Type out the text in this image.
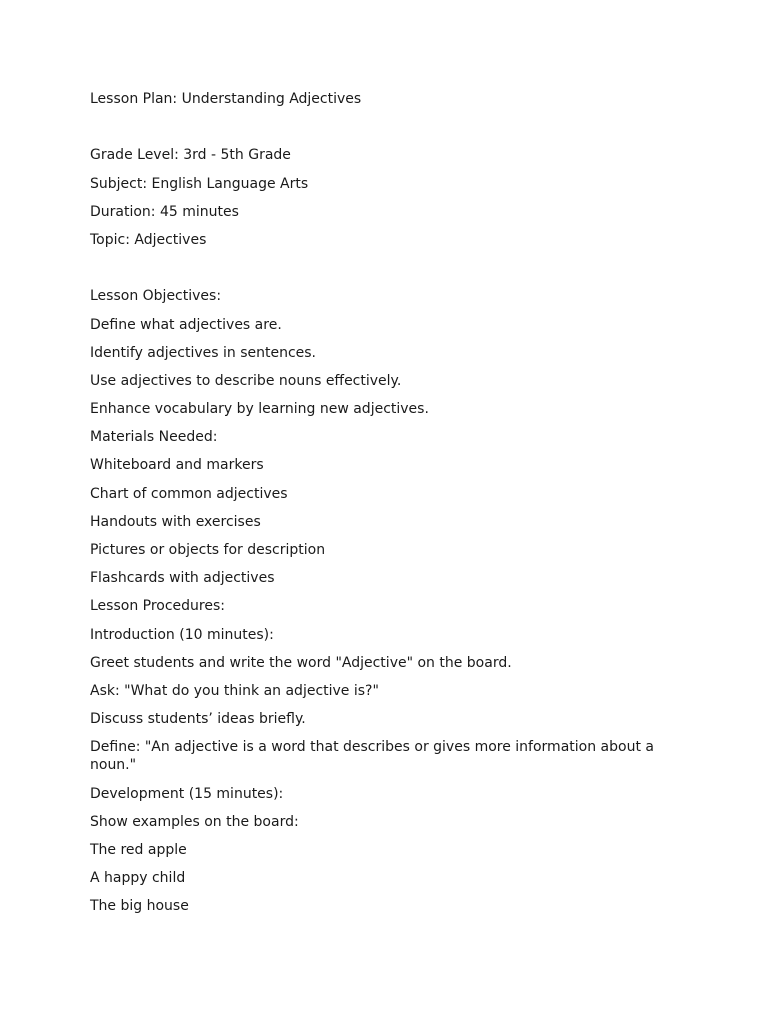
Lesson Plan: Understanding Adjectives
Grade Level: 3rd - 5th Grade
Subject: English Language Arts
Duration: 45 minutes
Topic: Adjectives
Lesson Objectives:
Define what adjectives are.
Identify adjectives in sentences.
Use adjectives to describe nouns effectively.
Enhance vocabulary by learning new adjectives.
Materials Needed:
Whiteboard and markers
Chart of common adjectives
Handouts with exercises
Pictures or objects for description
Flashcards with adjectives
Lesson Procedures:
Introduction (10 minutes):
Greet students and write the word "Adjective" on the board.
Ask: "What do you think an adjective is?"
Discuss students’ ideas briefly.
Define: "An adjective is a word that describes or gives more information about a noun."
Development (15 minutes):
Show examples on the board:
The red apple
A happy child
The big house
